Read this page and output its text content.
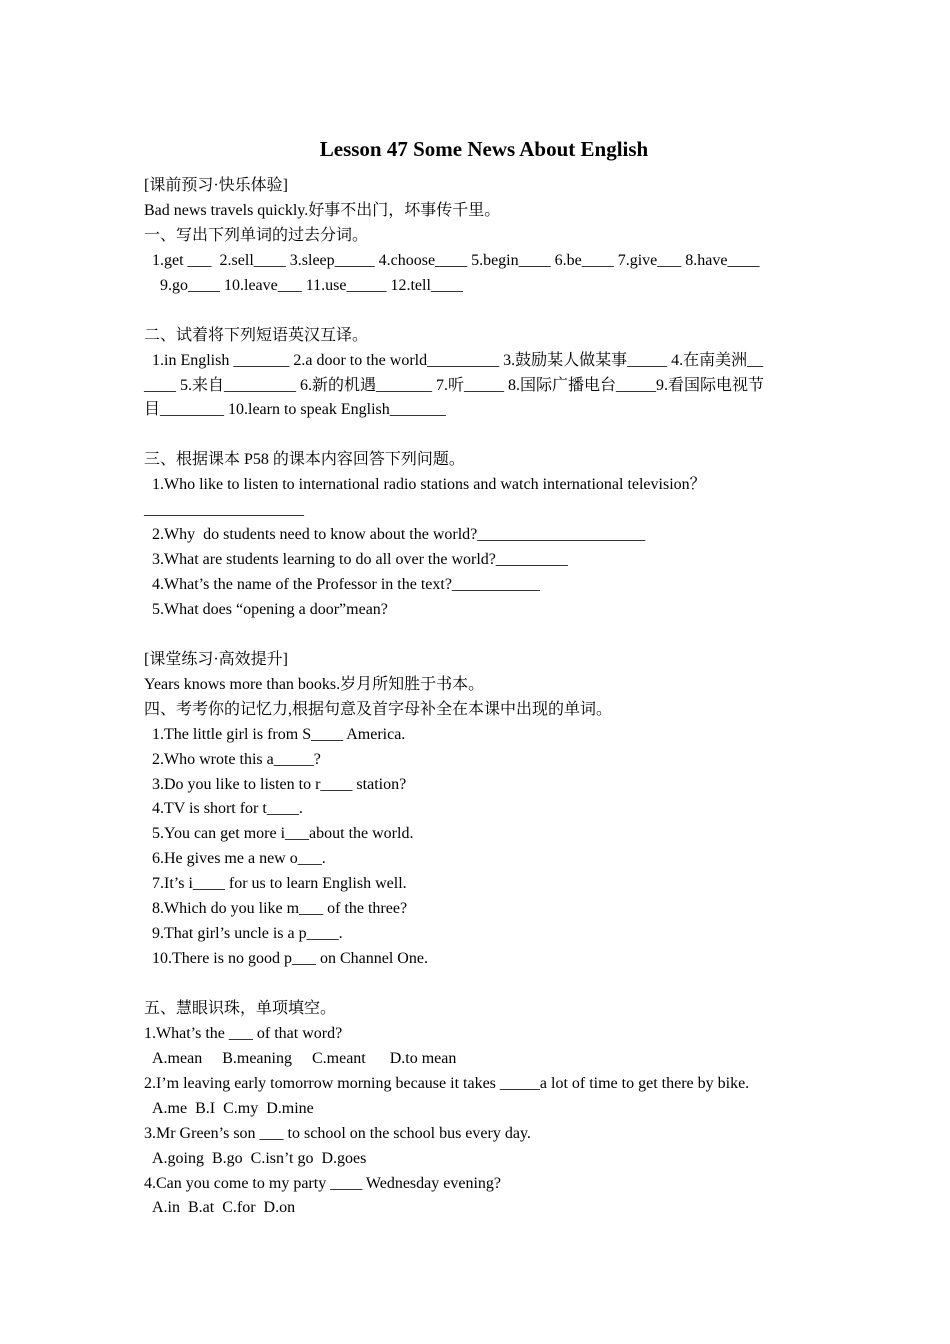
Lesson 47 Some News About English
[课前预习·快乐体验]
Bad news travels quickly.好事不出门，坏事传千里。
一、写出下列单词的过去分词。
1.get ___  2.sell____ 3.sleep_____ 4.choose____ 5.begin____ 6.be____ 7.give___ 8.have____
9.go____ 10.leave___ 11.use_____ 12.tell____
二、试着将下列短语英汉互译。
1.in English _______ 2.a door to the world_________ 3.鼓励某人做某事_____ 4.在南美洲__
____ 5.来自_________ 6.新的机遇_______ 7.听_____ 8.国际广播电台_____9.看国际电视节
目________ 10.learn to speak English_______
三、根据课本 P58 的课本内容回答下列问题。
1.Who like to listen to international radio stations and watch international television？
____________________
2.Why  do students need to know about the world?_____________________
3.What are students learning to do all over the world?_________
4.What’s the name of the Professor in the text?___________
5.What does “opening a door”mean?
[课堂练习·高效提升]
Years knows more than books.岁月所知胜于书本。
四、考考你的记忆力,根据句意及首字母补全在本课中出现的单词。
1.The little girl is from S____ America.
2.Who wrote this a_____?
3.Do you like to listen to r____ station?
4.TV is short for t____.
5.You can get more i___about the world.
6.He gives me a new o___.
7.It’s i____ for us to learn English well.
8.Which do you like m___ of the three?
9.That girl’s uncle is a p____.
10.There is no good p___ on Channel One.
五、慧眼识珠，单项填空。
1.What’s the ___ of that word?
A.mean     B.meaning     C.meant      D.to mean
2.I’m leaving early tomorrow morning because it takes _____a lot of time to get there by bike.
A.me  B.I  C.my  D.mine
3.Mr Green’s son ___ to school on the school bus every day.
A.going  B.go  C.isn’t go  D.goes
4.Can you come to my party ____ Wednesday evening?
A.in  B.at  C.for  D.on
